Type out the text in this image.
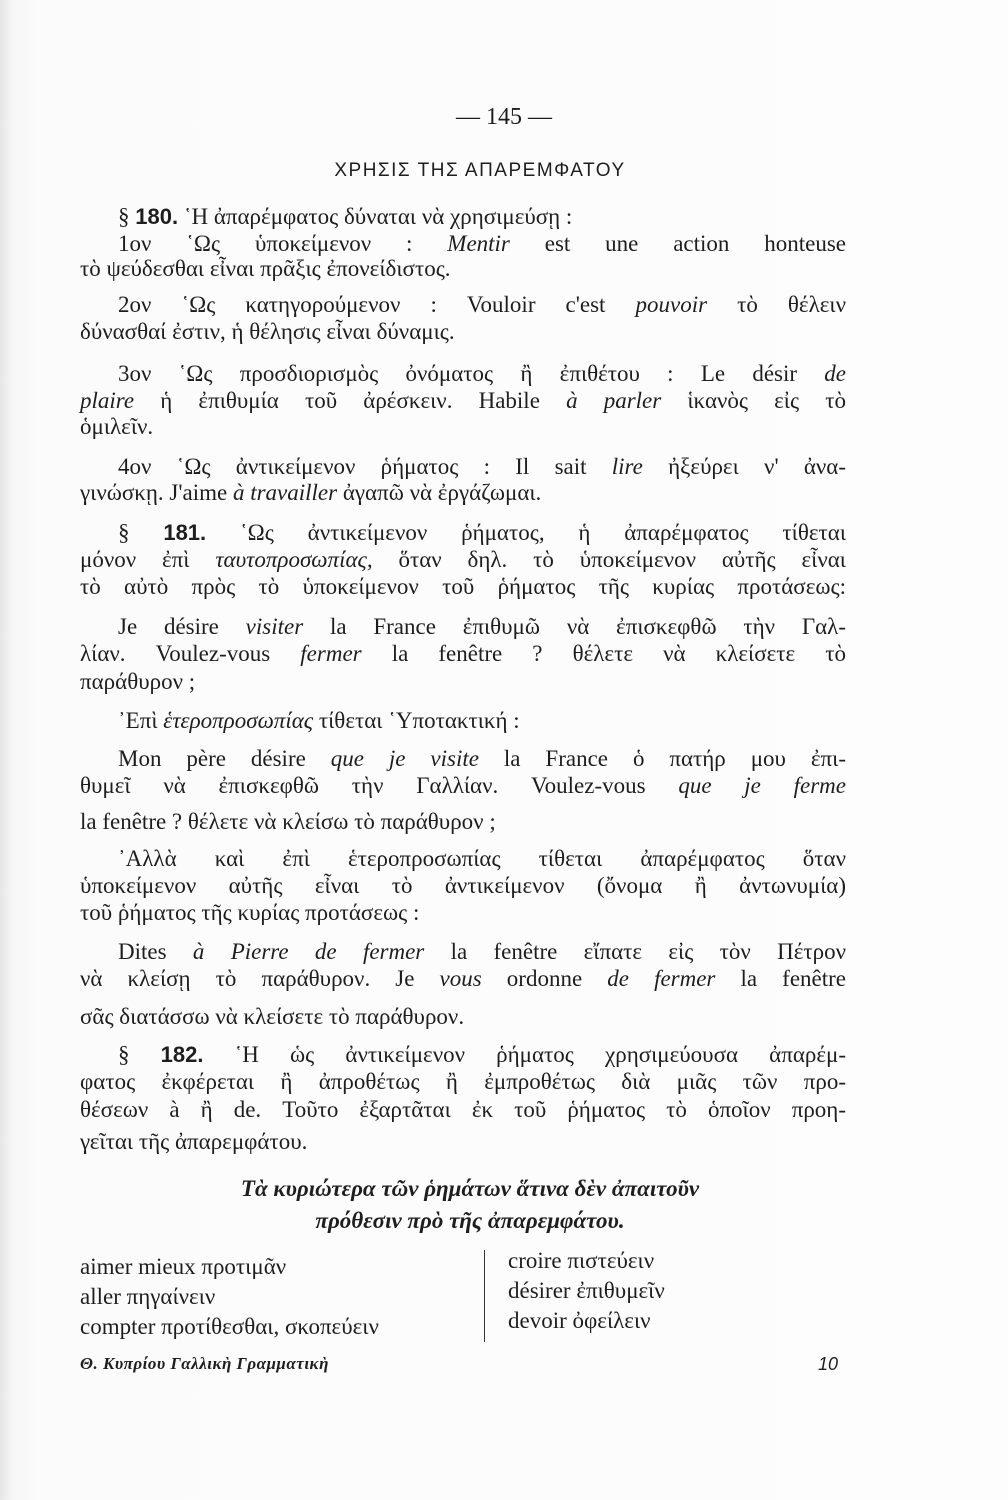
— 145 —
ΧΡΗΣΙΣ ΤΗΣ ΑΠΑΡΕΜΦΑΤΟΥ
§ 180. ῾Η ἀπαρέμφατος δύναται νὰ χρησιμεύσῃ :
1ον ῾Ως ὑποκείμενον : Mentir est une action honteuse
τὸ ψεύδεσθαι εἶναι πρᾶξις ἐπονείδιστος.
2ον ῾Ως κατηγορούμενον : Vouloir c'est pouvoir τὸ θέλειν
δύνασθαί ἐστιν, ἡ θέλησις εἶναι δύναμις.
3ον ῾Ως προσδιορισμὸς ὀνόματος ἢ ἐπιθέτου : Le désir de
plaire ἡ ἐπιθυμία τοῦ ἀρέσκειν. Habile à parler ἱκανὸς εἰς τὸ
ὁμιλεῖν.
4ον ῾Ως ἀντικείμενον ῥήματος : Il sait lire ἠξεύρει ν' ἀνα-
γινώσκῃ. J'aime à travailler ἀγαπῶ νὰ ἐργάζωμαι.
§ 181. ῾Ως ἀντικείμενον ῥήματος, ἡ ἀπαρέμφατος τίθεται
μόνον ἐπὶ ταυτοπροσωπίας, ὅταν δηλ. τὸ ὑποκείμενον αὐτῆς εἶναι
τὸ αὐτὸ πρὸς τὸ ὑποκείμενον τοῦ ῥήματος τῆς κυρίας προτάσεως:
Je désire visiter la France ἐπιθυμῶ νὰ ἐπισκεφθῶ τὴν Γαλ-
λίαν. Voulez-vous fermer la fenêtre ? θέλετε νὰ κλείσετε τὸ
παράθυρον ;
᾿Επὶ ἑτεροπροσωπίας τίθεται ῾Υποτακτική :
Mon père désire que je visite la France ὁ πατήρ μου ἐπι-
θυμεῖ νὰ ἐπισκεφθῶ τὴν Γαλλίαν. Voulez-vous que je ferme
la fenêtre ? θέλετε νὰ κλείσω τὸ παράθυρον ;
᾿Αλλὰ καὶ ἐπὶ ἑτεροπροσωπίας τίθεται ἀπαρέμφατος ὅταν
ὑποκείμενον αὐτῆς εἶναι τὸ ἀντικείμενον (ὄνομα ἢ ἀντωνυμία)
τοῦ ῥήματος τῆς κυρίας προτάσεως :
Dites à Pierre de fermer la fenêtre εἴπατε εἰς τὸν Πέτρον
νὰ κλείσῃ τὸ παράθυρον. Je vous ordonne de fermer la fenêtre
σᾶς διατάσσω νὰ κλείσετε τὸ παράθυρον.
§ 182. ῾Η ὡς ἀντικείμενον ῥήματος χρησιμεύουσα ἀπαρέμ-
φατος ἐκφέρεται ἢ ἀπροθέτως ἢ ἐμπροθέτως διὰ μιᾶς τῶν προ-
θέσεων à ἢ de. Τοῦτο ἐξαρτᾶται ἐκ τοῦ ῥήματος τὸ ὁποῖον προη-
γεῖται τῆς ἀπαρεμφάτου.
Τὰ κυριώτερα τῶν ῥημάτων ἅτινα δὲν ἀπαιτοῦν
πρόθεσιν πρὸ τῆς ἀπαρεμφάτου.
aimer mieux προτιμᾶν
aller πηγαίνειν
compter προτίθεσθαι, σκοπεύειν
croire πιστεύειν
désirer ἐπιθυμεῖν
devoir ὀφείλειν
Θ. Κυπρίου Γαλλικὴ Γραμματικὴ	10
